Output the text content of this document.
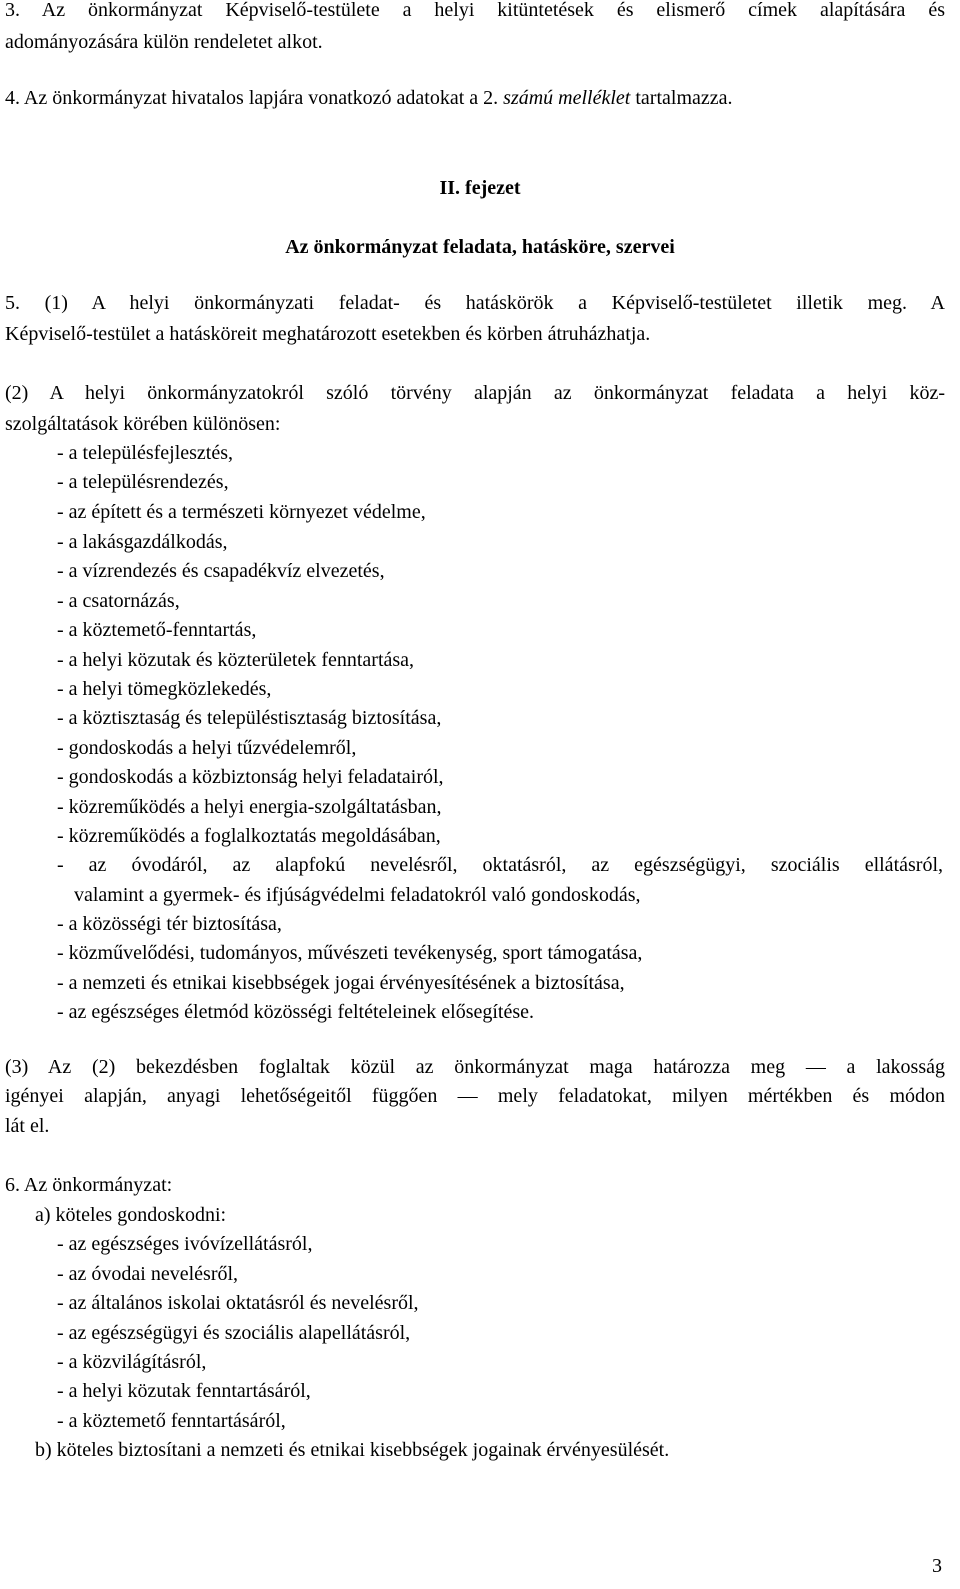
3. Az önkormányzat Képviselő-testülete a helyi kitüntetések és elismerő címek alapítására és
adományozására külön rendeletet alkot.
4. Az önkormányzat hivatalos lapjára vonatkozó adatokat a 2. számú melléklet tartalmazza.
II. fejezet
Az önkormányzat feladata, hatásköre, szervei
5. (1) A helyi önkormányzati feladat- és hatáskörök a Képviselő-testületet illetik meg. A
Képviselő-testület a hatásköreit meghatározott esetekben és körben átruházhatja.
(2) A helyi önkormányzatokról szóló törvény alapján az önkormányzat feladata a helyi köz-
szolgáltatások körében különösen:
- a településfejlesztés,
- a településrendezés,
- az épített és a természeti környezet védelme,
- a lakásgazdálkodás,
- a vízrendezés és csapadékvíz elvezetés,
- a csatornázás,
- a köztemető-fenntartás,
- a helyi közutak és közterületek fenntartása,
- a helyi tömegközlekedés,
- a köztisztaság és településtisztaság biztosítása,
- gondoskodás a helyi tűzvédelemről,
- gondoskodás a közbiztonság helyi feladatairól,
- közreműködés a helyi energia-szolgáltatásban,
- közreműködés a foglalkoztatás megoldásában,
- az óvodáról, az alapfokú nevelésről, oktatásról, az egészségügyi, szociális ellátásról,
valamint a gyermek- és ifjúságvédelmi feladatokról való gondoskodás,
- a közösségi tér biztosítása,
- közművelődési, tudományos, művészeti tevékenység, sport támogatása,
- a nemzeti és etnikai kisebbségek jogai érvényesítésének a biztosítása,
- az egészséges életmód közösségi feltételeinek elősegítése.
(3) Az (2) bekezdésben foglaltak közül az önkormányzat maga határozza meg — a lakosság
igényei alapján, anyagi lehetőségeitől függően — mely feladatokat, milyen mértékben és módon
lát el.
6. Az önkormányzat:
a) köteles gondoskodni:
- az egészséges ivóvízellátásról,
- az óvodai nevelésről,
- az általános iskolai oktatásról és nevelésről,
- az egészségügyi és szociális alapellátásról,
- a közvilágításról,
- a helyi közutak fenntartásáról,
- a köztemető fenntartásáról,
b) köteles biztosítani a nemzeti és etnikai kisebbségek jogainak érvényesülését.
3
